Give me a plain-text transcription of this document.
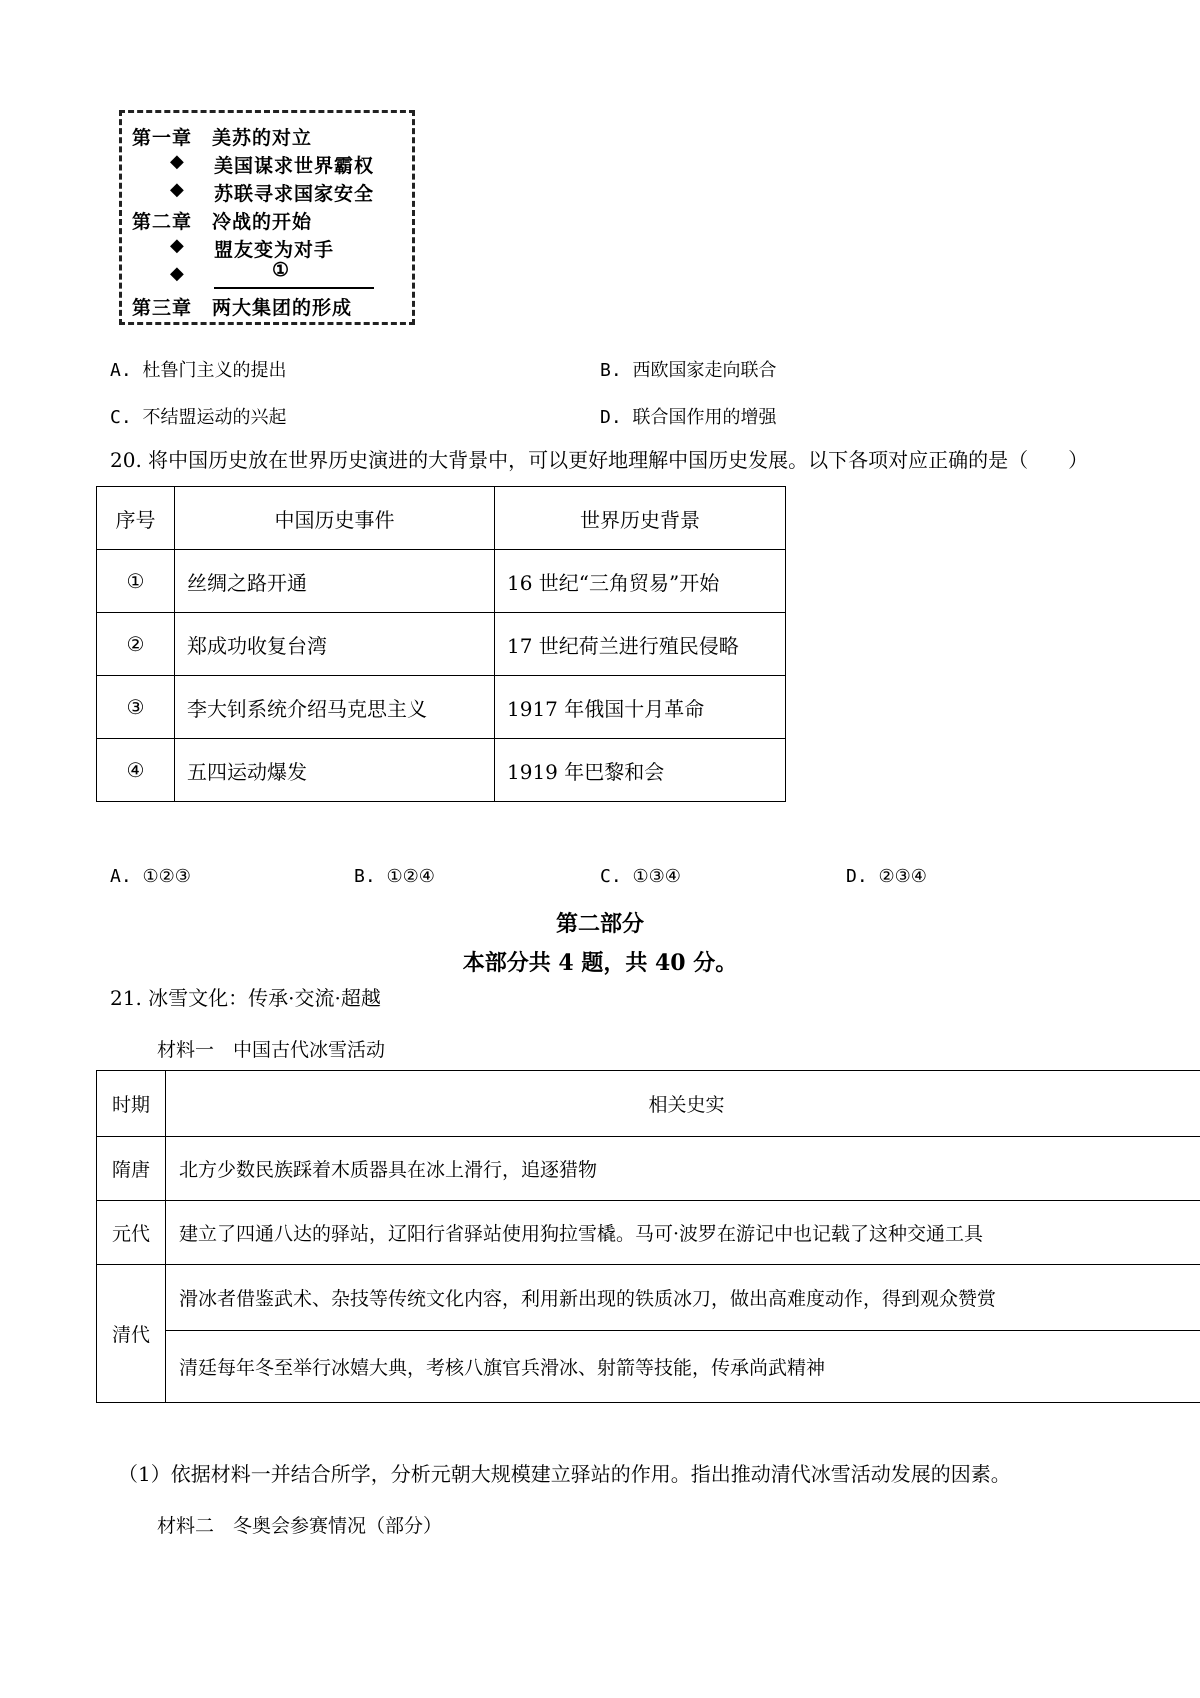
第一章　 美苏的对立
◆ 美国谋求世界霸权
◆ 苏联寻求国家安全
第二章　 冷战的开始
◆ 盟友变为对手
◆	①
第三章　 两大集团的形成
A. 杜鲁门主义的提出	B. 西欧国家走向联合
C. 不结盟运动的兴起	D. 联合国作用的增强
20. 将中国历史放在世界历史演进的大背景中，可以更好地理解中国历史发展。以下各项对应正确的是（　　）
序号	中国历史事件	世界历史背景
①	丝绸之路开通	16 世纪“三角贸易”开始
②	郑成功收复台湾	17 世纪荷兰进行殖民侵略
③	李大钊系统介绍马克思主义	1917 年俄国十月革命
④	五四运动爆发	1919 年巴黎和会
A. ①②③	B. ①②④	C. ①③④	D. ②③④
第二部分
本部分共 4 题，共 40 分。
21. 冰雪文化：传承·交流·超越
材料一　中国古代冰雪活动
时期	相关史实
隋唐	北方少数民族踩着木质器具在冰上滑行，追逐猎物
元代	建立了四通八达的驿站，辽阳行省驿站使用狗拉雪橇。马可·波罗在游记中也记载了这种交通工具
清代	滑冰者借鉴武术、杂技等传统文化内容，利用新出现的铁质冰刀，做出高难度动作，得到观众赞赏
	清廷每年冬至举行冰嬉大典，考核八旗官兵滑冰、射箭等技能，传承尚武精神
（1）依据材料一并结合所学，分析元朝大规模建立驿站的作用。指出推动清代冰雪活动发展的因素。
材料二　冬奥会参赛情况（部分）
